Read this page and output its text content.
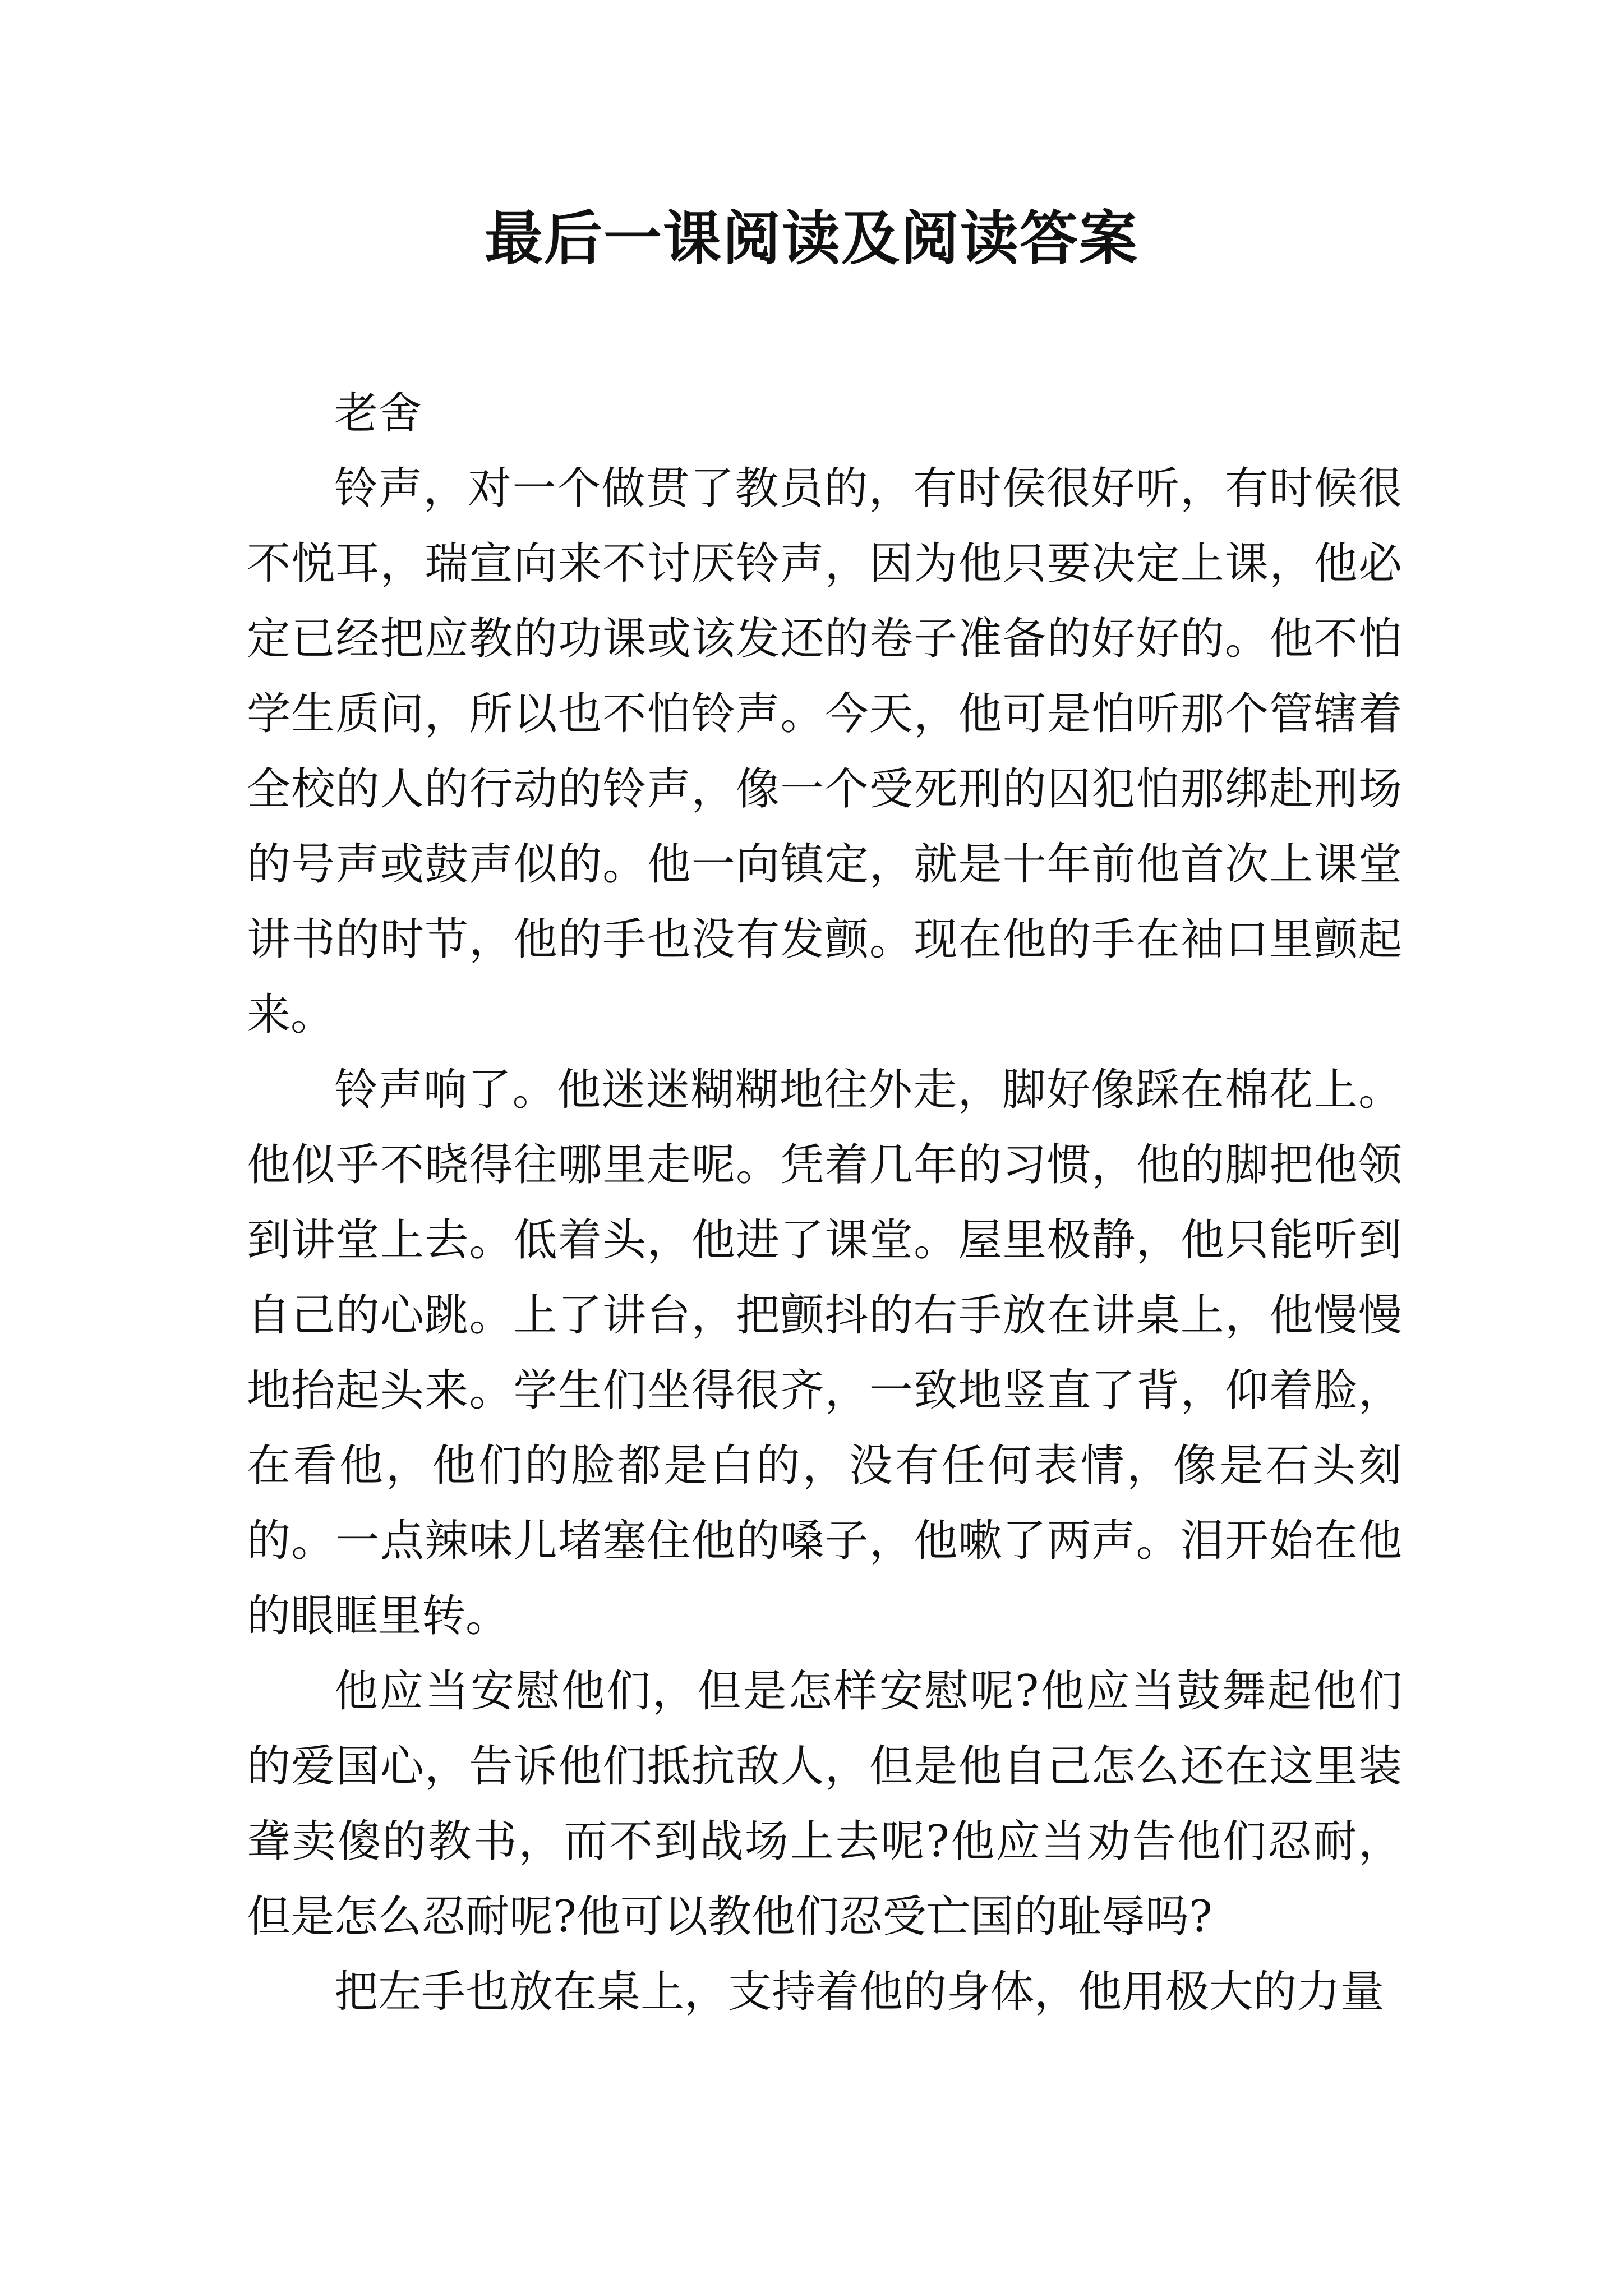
最后一课阅读及阅读答案

老舍

铃声，对一个做贯了教员的，有时侯很好听，有时候很不悦耳，瑞宣向来不讨厌铃声，因为他只要决定上课，他必定已经把应教的功课或该发还的卷子准备的好好的。他不怕学生质问，所以也不怕铃声。今天，他可是怕听那个管辖着全校的人的行动的铃声，像一个受死刑的囚犯怕那绑赴刑场的号声或鼓声似的。他一向镇定，就是十年前他首次上课堂讲书的时节，他的手也没有发颤。现在他的手在袖口里颤起来。

铃声响了。他迷迷糊糊地往外走，脚好像踩在棉花上。他似乎不晓得往哪里走呢。凭着几年的习惯，他的脚把他领到讲堂上去。低着头，他进了课堂。屋里极静，他只能听到自己的心跳。上了讲台，把颤抖的右手放在讲桌上，他慢慢地抬起头来。学生们坐得很齐，一致地竖直了背，仰着脸，在看他，他们的脸都是白的，没有任何表情，像是石头刻的。一点辣味儿堵塞住他的嗓子，他嗽了两声。泪开始在他的眼眶里转。

他应当安慰他们，但是怎样安慰呢?他应当鼓舞起他们的爱国心，告诉他们抵抗敌人，但是他自己怎么还在这里装聋卖傻的教书，而不到战场上去呢?他应当劝告他们忍耐，但是怎么忍耐呢?他可以教他们忍受亡国的耻辱吗?

把左手也放在桌上，支持着他的身体，他用极大的力量
